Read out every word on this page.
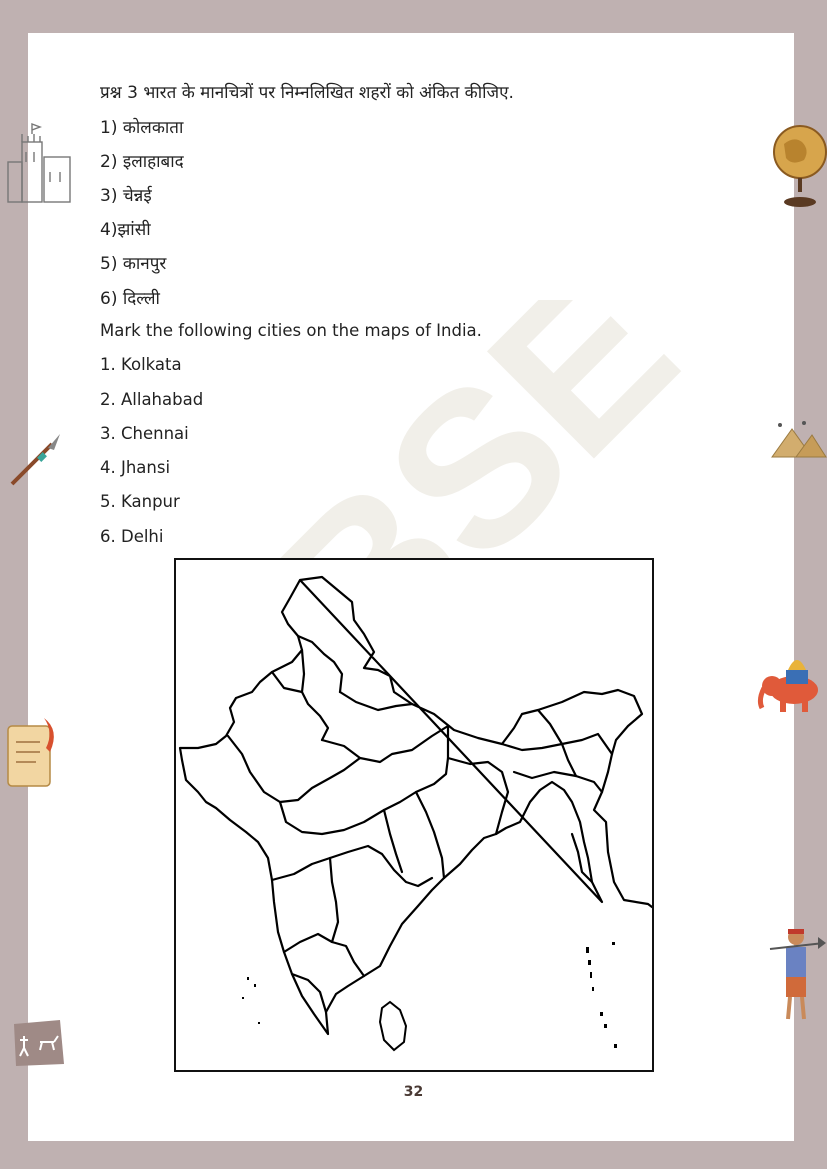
प्रश्न 3 भारत के मानचित्रों पर निम्नलिखित शहरों को अंकित कीजिए.
1) कोलकाता
2) इलाहाबाद
3) चेन्नई
4)झांसी
5) कानपुर
6) दिल्ली
Mark the following cities on the maps of India.
1. Kolkata
2. Allahabad
3. Chennai
4. Jhansi
5. Kanpur
6. Delhi
32
